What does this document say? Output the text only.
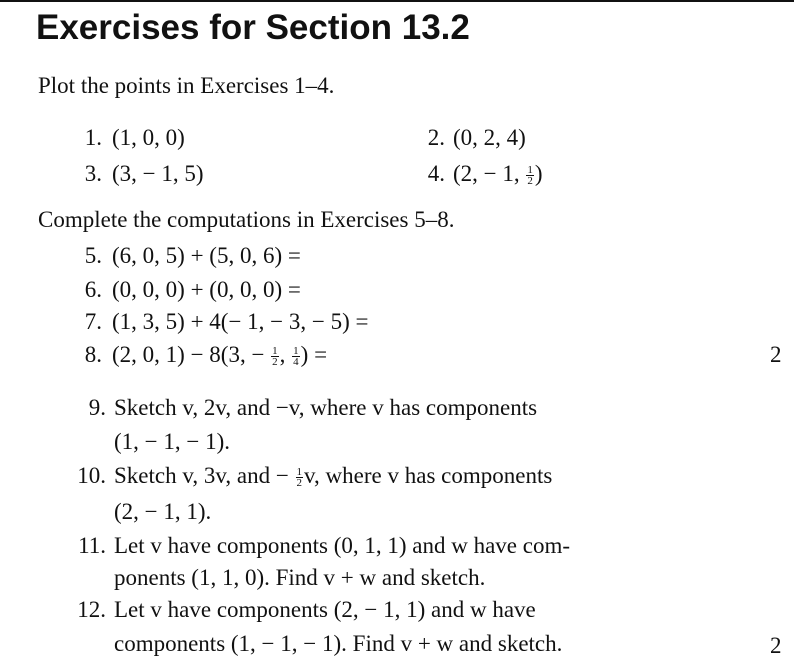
Exercises for Section 13.2
Plot the points in Exercises 1–4.
1. (1, 0, 0)	2. (0, 2, 4)
3. (3, − 1, 5)	4. (2, − 1, $\frac{1}{2}$ )
Complete the computations in Exercises 5–8.
5. (6, 0, 5) + (5, 0, 6) =
6. (0, 0, 0) + (0, 0, 0) =
7. (1, 3, 5) + 4(− 1, − 3, − 5) =
8. (2, 0, 1) − 8(3, − $\frac{1}{2}$ , $\frac{1}{4}$ ) =	2
9. Sketch v, 2v, and −v, where v has components
(1, − 1, − 1).
10. Sketch v, 3v, and − $\frac{1}{2} v$, where v has components
(2, − 1, 1).
11. Let v have components (0, 1, 1) and w have com-
ponents (1, 1, 0). Find v + w and sketch.
12. Let v have components (2, − 1, 1) and w have
components (1, − 1, − 1). Find v + w and sketch.	2
